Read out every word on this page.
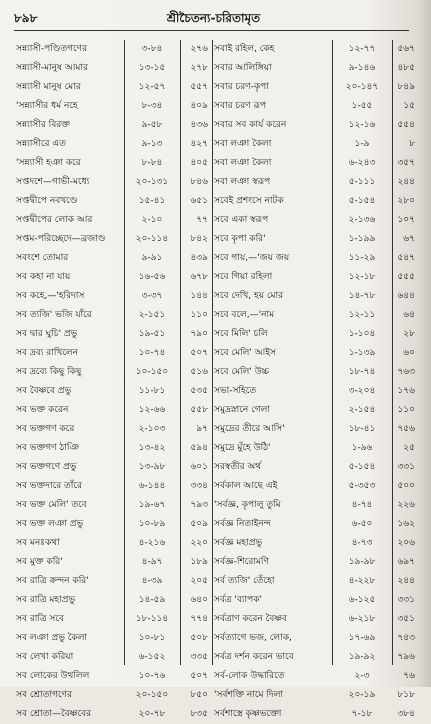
৮৯৮	শ্রীচৈতন্য-চরিতামৃত
সন্ন্যাসী-পণ্ডিতগণের	৩-৮৪	২৭৬
সন্ন্যাসী-মানুষ আমার	১৩-১৫	২৭৮
সন্ন্যাসী মানুষ মোর	১২-৫৭	৫৫৭
'সন্ন্যাসীর ধর্ম নহে	৮-৩৪	৪০৯
সন্ন্যাসীর বিরক্ত	৯-৫৮	৪৩৬
সন্ন্যাসীরে এত	৯-১৩	৪২৭
'সন্ন্যাসী হঞা করে	৮-৮৪	৪০৫
সপ্তদশে—গাভী-মধ্যে	২০-১৩১	৮৪৬
সপ্তদ্বীপে নবখণ্ডে	১৫-৪১	৬৫১
সপ্তদ্বীপের লোক আর	২-১০	৭৭
সপ্তম-পরিচ্ছেদে—ব্রজাণ্ড	২০-১১৪	৮৪২
সবংশে তোমার	৯-৯১	৪৩৯
সব কহা না যায়	১৬-৫৬	৬৭৮
সব কহে,—'হরিদাস	৩-৩৭	১৪৪
সব ত্যজি' ভজি যাঁরে	২-১৫১	১১০
সব দ্বার ঘুচি' প্রভু	১৯-৫১	৭৯০
সব দ্রব্য রাখিলেন	১০-৭৪	৫০৭
সব দ্রব্যে কিছু কিছু	১০-১৫০	৫১৬
সব বৈষ্ণবে প্রভু	১১-৮১	৫৩৫
সব ভক্ত করেন	১২-৬৬	৫৫৮
সব ভক্তগণ করে	২-১০৩	৯৭
সব ভক্তগণ ঠাঞি	১৩-৪২	৫৯৪
সব ভক্তগণে প্রভু	১৩-৯৮	৬০১
সব ভক্তদারে তাঁরে	৬-১৪৪	৩৩৪
সব ভক্ত মেলি' তবে	১৯-৬৭	৭৯৩
সব ভক্ত লঞা প্রভু	১০-৮৯	৫০৯
সব মনঃকথা	৪-২১৬	২২০
সব মুক্ত করি'	৪-৯৭	১৮৯
সব রাত্রি ক্রন্দন করি'	৪-৩৯	২০৫
সব রাত্রি মহাপ্রভু	১৪-৫৯	৬৪০
সব রাত্রি সবে	১৮-১১৪	৭৭৪
সব লঞা প্রভু কৈলা	১০-৮১	৫০৮
সব লেখা করিয়া	৬-১৫২	৩৩৫
সব লোকের উথলিল	১০-৭৬	৫০৭
সব শ্রোতাগণের	২০-১৫০	৮৫০
সব শ্রোতা—বৈষ্ণবের	২০-৭৮	৮৩৫
সবাই রহিল, কেহ	১২-৭৭	৫৬৭
সবার আলিঙ্গিয়া	৯-১৪৬	৪৮৫
সবার চরণ-কৃপা	২০-১৪৭	৮৪৯
সবার চরণ রূপ	১-৫৫	১৫
সবার সব কার্য করেন	১২-১৬	৫৫৪
সবা লঞা কৈলা	১-৯	৮
সবা লঞা কৈলা	৬-২৪৩	৩৫৭
সবা লঞা স্বরূপ	৫-১১১	২৪৪
সবেই প্রশংসে নাটক	৫-১৫৪	২৮০
সবে একা স্বরূপ	২-১৩৬	১০৭
সবে কৃপা করি'	১-১৯৯	৬৭
সবে গায়,—'জয় জয়	১১-২৯	৫৪৭
সবে গিয়া রহিলা	১২-১৮	৫৫৫
সবে দেখি, হয় মোর	১৪-৭৮	৬৪৪
সবে বলে,—'নাম	১২-১১	৬৪
সবে মিলি' চলি	১-১০৪	২৮
সবে মেলি' আইস	১-১৩৯	৬০
সবে মেলি' উচ্চ	১৮-৭৪	৭৬৩
সভা-সহিতে	৩-২০৪	১৭৬
সমুদ্রস্নানে গেলা	২-১৫৪	১১০
সমুদ্রের তীরে আসি'	১৮-৪১	৭৫৬
সমুদ্রে মুঁহে উঠি'	১-৯৬	২৫
সরস্বতীর অর্থ	৫-১৫৪	৩৩১
সর্বকাল আছে এই	৫-৩৫৩	৫০০
'সর্বজ্ঞ, কৃপালু তুমি	৪-৭৪	২২৬
সর্বজ্ঞ নিতাইনন্দ	৬-৫০	১৬২
সর্বজ্ঞ মহাপ্রভু	৪-৭৩	২০৬
সর্বজ্ঞ-শিরোমণি	১৯-৯৮	৬৯৭
সর্ব ত্যজি' তেঁহো	৪-২২৮	২৪৪
সর্বত্র 'ব্যাপক'	৬-১২৫	৩৩১
সর্বত্রাণ করেন বৈষ্ণব	৬-২১৮	৩৫১
সর্বত্যাগে ভজ, লোক,	১৭-৬৯	৭৪৩
সর্বত্র দর্শন করেন ভাবে	১৯-৯২	৭৯৬
সর্ব-লোক উদ্ধারিতে	২-৩	৭৬
'সর্বশক্তি নামে দিলা	২০-১৯	৮১৮
সর্বশাস্ত্রে কৃষ্ণভক্তো	৭-১৮	৩৮৪
